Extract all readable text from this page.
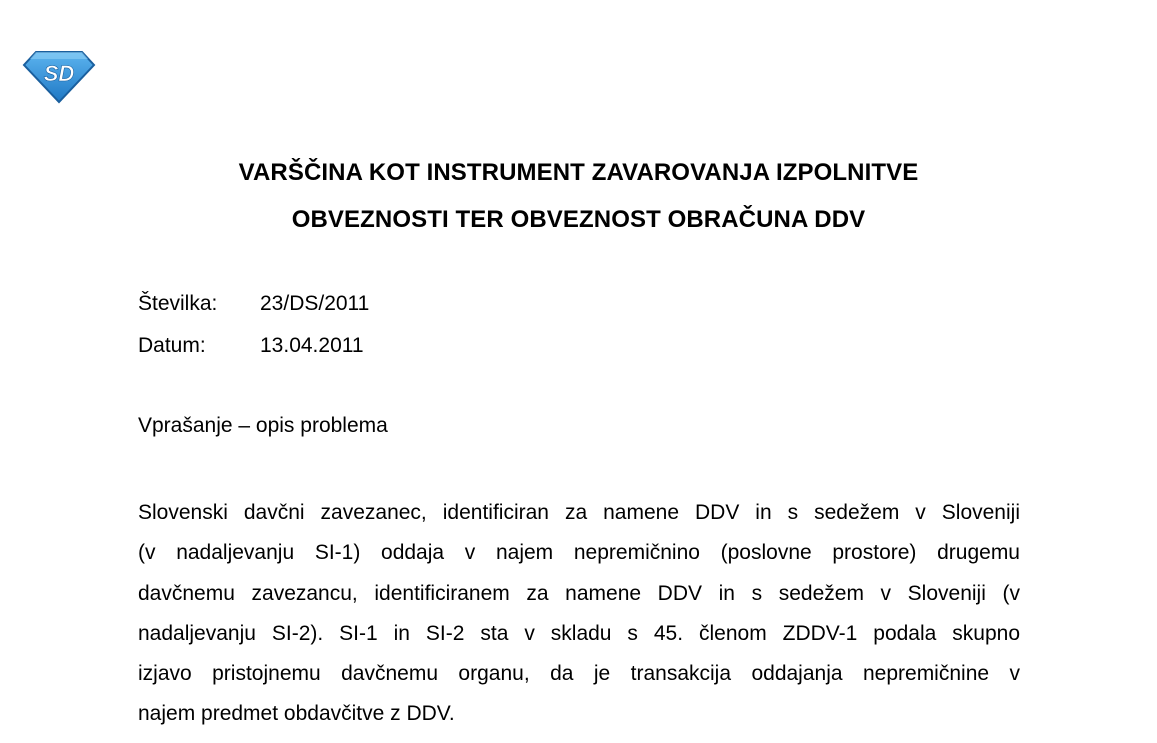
SD
VARŠČINA KOT INSTRUMENT ZAVAROVANJA IZPOLNITVE
OBVEZNOSTI TER OBVEZNOST OBRAČUNA DDV
Številka: 23/DS/2011
Datum:	13.04.2011
Vprašanje – opis problema
Slovenski davčni zavezanec, identificiran za namene DDV in s sedežem v Sloveniji
(v nadaljevanju SI-1) oddaja v najem nepremičnino (poslovne prostore) drugemu
davčnemu zavezancu, identificiranem za namene DDV in s sedežem v Sloveniji (v
nadaljevanju SI-2). SI-1 in SI-2 sta v skladu s 45. členom ZDDV-1 podala skupno
izjavo pristojnemu davčnemu organu, da je transakcija oddajanja nepremičnine v
najem predmet obdavčitve z DDV.
